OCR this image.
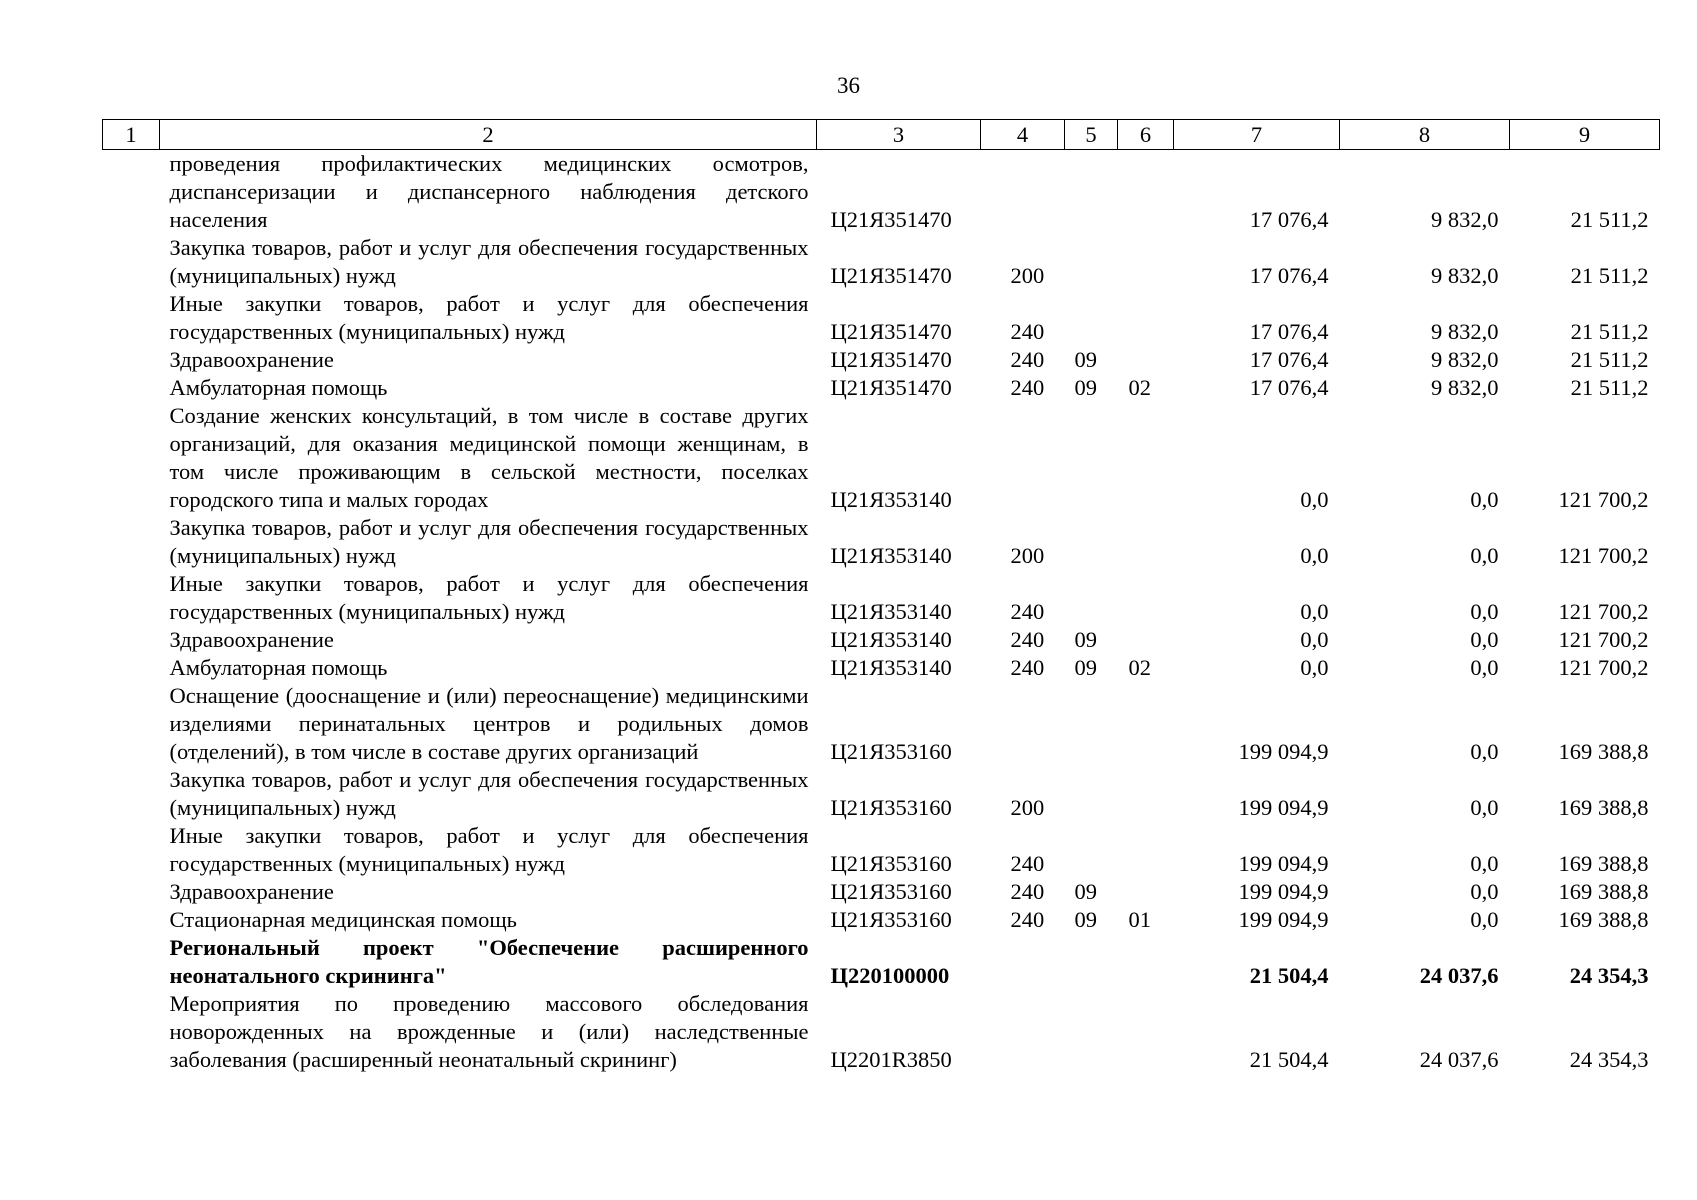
36
1	2	3	4	5	6	7	8	9
	проведения профилактических медицинских осмотров, диспансеризации и диспансерного наблюдения детского населения	Ц21Я351470				17 076,4	9 832,0	21 511,2
	Закупка товаров, работ и услуг для обеспечения государственных (муниципальных) нужд	Ц21Я351470	200			17 076,4	9 832,0	21 511,2
	Иные закупки товаров, работ и услуг для обеспечения государственных (муниципальных) нужд	Ц21Я351470	240			17 076,4	9 832,0	21 511,2
	Здравоохранение	Ц21Я351470	240	09		17 076,4	9 832,0	21 511,2
	Амбулаторная помощь	Ц21Я351470	240	09	02	17 076,4	9 832,0	21 511,2
	Создание женских консультаций, в том числе в составе других организаций, для оказания медицинской помощи женщинам, в том числе проживающим в сельской местности, поселках городского типа и малых городах	Ц21Я353140				0,0	0,0	121 700,2
	Закупка товаров, работ и услуг для обеспечения государственных (муниципальных) нужд	Ц21Я353140	200			0,0	0,0	121 700,2
	Иные закупки товаров, работ и услуг для обеспечения государственных (муниципальных) нужд	Ц21Я353140	240			0,0	0,0	121 700,2
	Здравоохранение	Ц21Я353140	240	09		0,0	0,0	121 700,2
	Амбулаторная помощь	Ц21Я353140	240	09	02	0,0	0,0	121 700,2
	Оснащение (дооснащение и (или) переоснащение) медицинскими изделиями перинатальных центров и родильных домов (отделений), в том числе в составе других организаций	Ц21Я353160				199 094,9	0,0	169 388,8
	Закупка товаров, работ и услуг для обеспечения государственных (муниципальных) нужд	Ц21Я353160	200			199 094,9	0,0	169 388,8
	Иные закупки товаров, работ и услуг для обеспечения государственных (муниципальных) нужд	Ц21Я353160	240			199 094,9	0,0	169 388,8
	Здравоохранение	Ц21Я353160	240	09		199 094,9	0,0	169 388,8
	Стационарная медицинская помощь	Ц21Я353160	240	09	01	199 094,9	0,0	169 388,8
	Региональный проект "Обеспечение расширенного неонатального скрининга"	Ц220100000				21 504,4	24 037,6	24 354,3
	Мероприятия по проведению массового обследования новорожденных на врожденные и (или) наследственные заболевания (расширенный неонатальный скрининг)	Ц2201R3850				21 504,4	24 037,6	24 354,3
